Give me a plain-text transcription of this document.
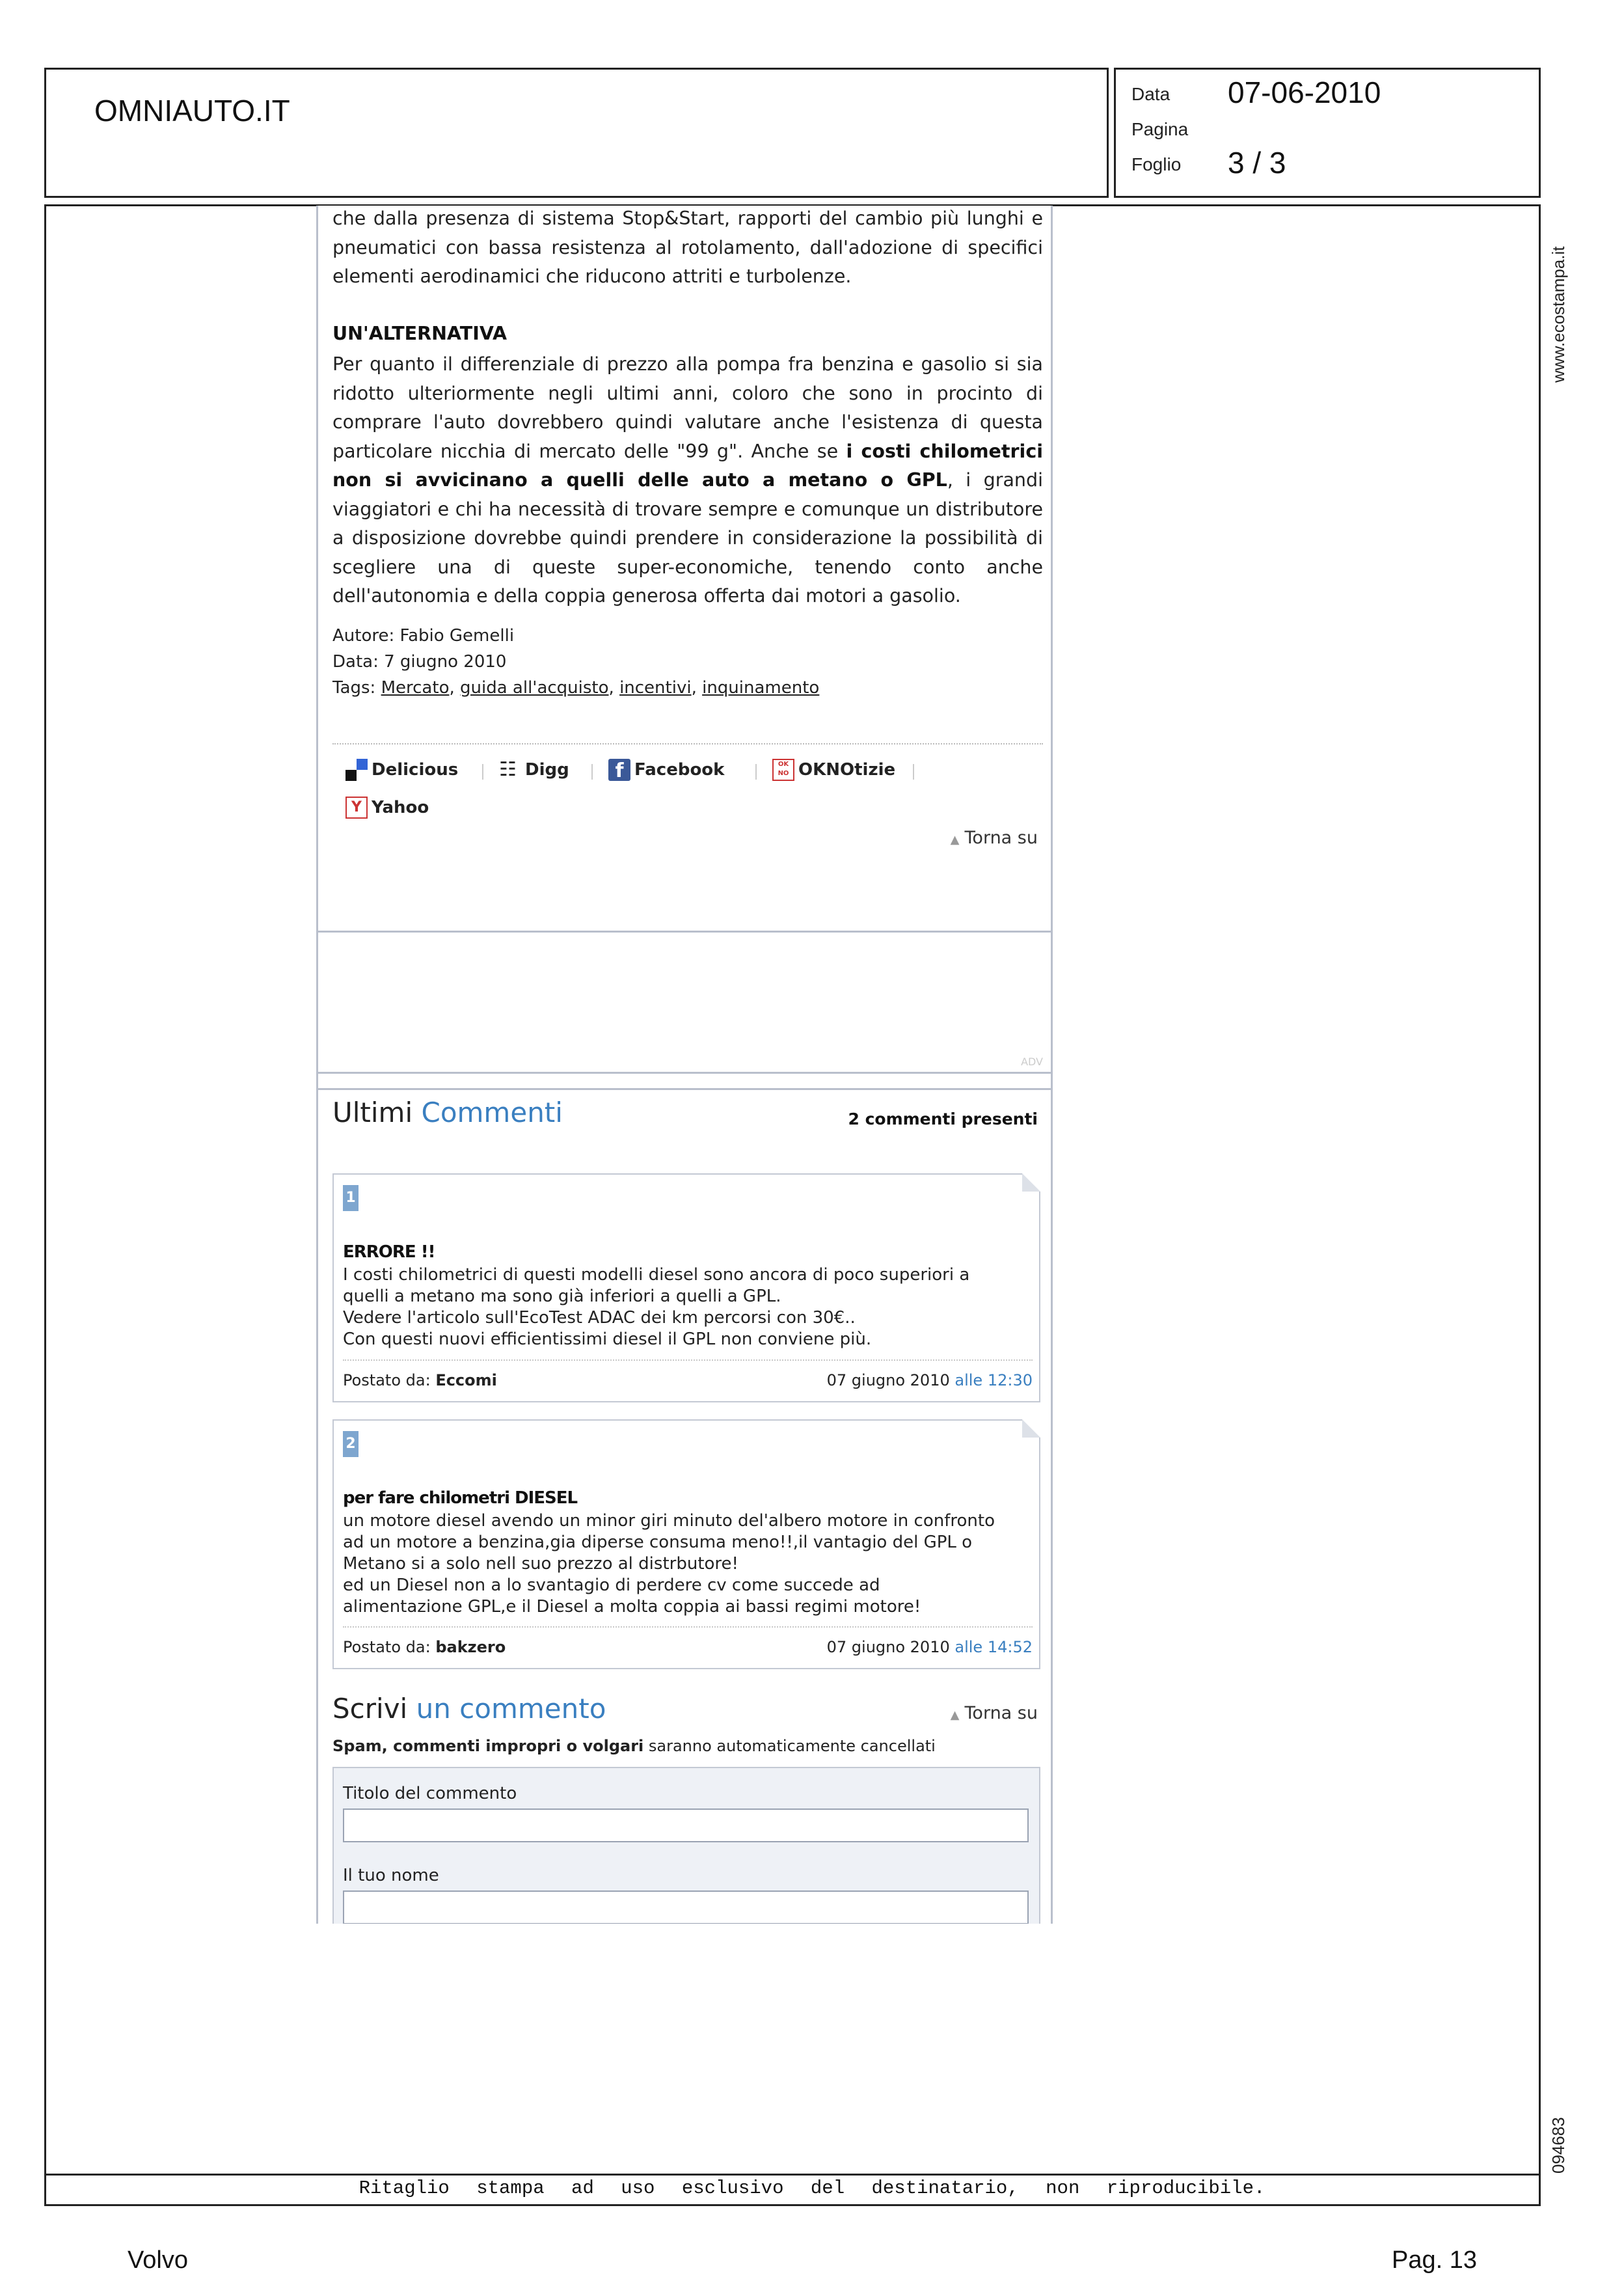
OMNIAUTO.IT	Data 07-06-2010
Pagina
Foglio 3 / 3
Ritaglio stampa ad uso esclusivo del destinatario, non riproducibile.
www.ecostampa.it
094683
che dalla presenza di sistema Stop&Start, rapporti del cambio più lunghi e pneumatici con bassa resistenza al rotolamento, dall'adozione di specifici elementi aerodinamici che riducono attriti e turbolenze.
UN'ALTERNATIVA
Per quanto il differenziale di prezzo alla pompa fra benzina e gasolio si sia ridotto ulteriormente negli ultimi anni, coloro che sono in procinto di comprare l'auto dovrebbero quindi valutare anche l'esistenza di questa particolare nicchia di mercato delle "99 g". Anche se i costi chilometrici non si avvicinano a quelli delle auto a metano o GPL, i grandi viaggiatori e chi ha necessità di trovare sempre e comunque un distributore a disposizione dovrebbe quindi prendere in considerazione la possibilità di scegliere una di queste super-economiche, tenendo conto anche dell'autonomia e della coppia generosa offerta dai motori a gasolio.
Autore: Fabio Gemelli
Data: 7 giugno 2010
Tags: Mercato, guida all'acquisto, incentivi, inquinamento
Delicious ☷ Digg	f Facebook	OK
NO OKNOtizie
Y Yahoo
▲ Torna su
ADV
Ultimi Commenti	2 commenti presenti
1
ERRORE !!
I costi chilometrici di questi modelli diesel sono ancora di poco superiori a
quelli a metano ma sono già inferiori a quelli a GPL.
Vedere l'articolo sull'EcoTest ADAC dei km percorsi con 30€..
Con questi nuovi efficientissimi diesel il GPL non conviene più.
Postato da: Eccomi	07 giugno 2010 alle 12:30
2
per fare chilometri DIESEL
un motore diesel avendo un minor giri minuto del'albero motore in confronto
ad un motore a benzina,gia diperse consuma meno!!,il vantagio del GPL o
Metano si a solo nell suo prezzo al distrbutore!
ed un Diesel non a lo svantagio di perdere cv come succede ad
alimentazione GPL,e il Diesel a molta coppia ai bassi regimi motore!
Postato da: bakzero	07 giugno 2010 alle 14:52
Scrivi un commento	▲ Torna su
Spam, commenti impropri o volgari saranno automaticamente cancellati
Titolo del commento
Il tuo nome
Volvo	Pag. 13
